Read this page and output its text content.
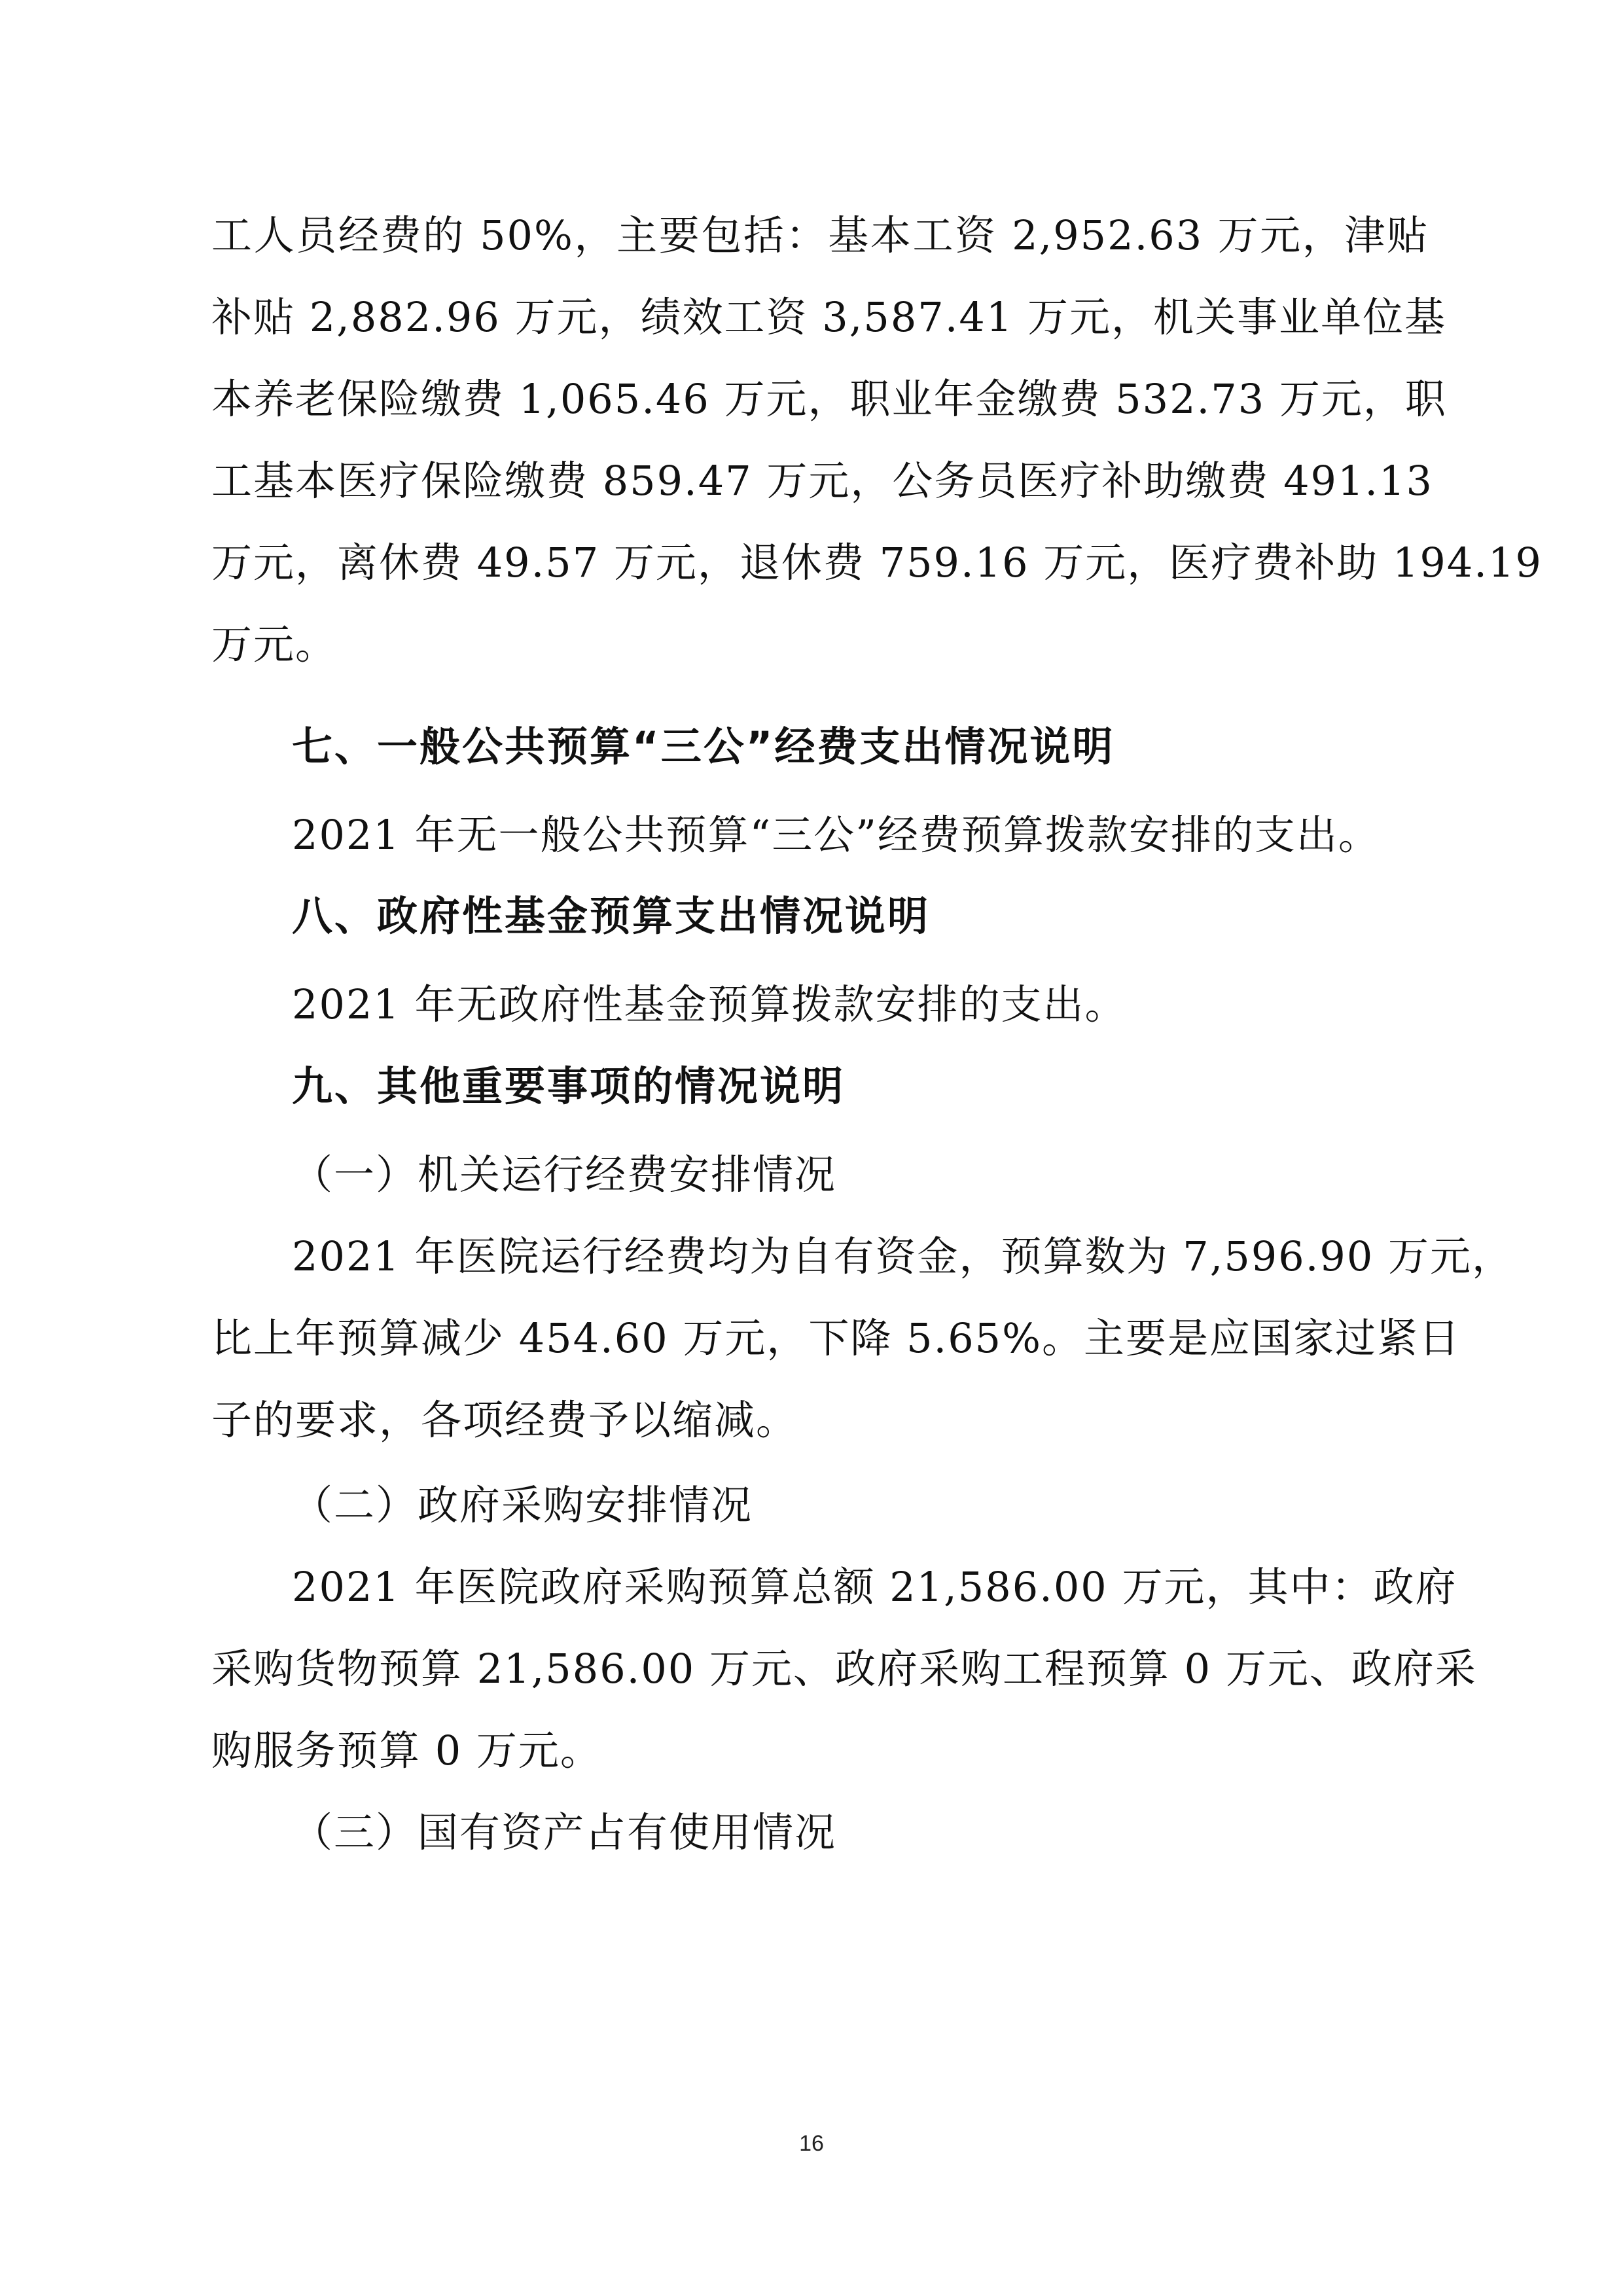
工人员经费的 50%，主要包括：基本工资 2,952.63 万元，津贴
补贴 2,882.96 万元，绩效工资 3,587.41 万元，机关事业单位基
本养老保险缴费 1,065.46 万元，职业年金缴费 532.73 万元，职
工基本医疗保险缴费 859.47 万元，公务员医疗补助缴费 491.13
万元，离休费 49.57 万元，退休费 759.16 万元，医疗费补助 194.19
万元。
七、一般公共预算“三公”经费支出情况说明
2021 年无一般公共预算“三公”经费预算拨款安排的支出。
八、政府性基金预算支出情况说明
2021 年无政府性基金预算拨款安排的支出。
九、其他重要事项的情况说明
（一）机关运行经费安排情况
2021 年医院运行经费均为自有资金，预算数为 7,596.90 万元，
比上年预算减少 454.60 万元，下降 5.65%。主要是应国家过紧日
子的要求，各项经费予以缩减。
（二）政府采购安排情况
2021 年医院政府采购预算总额 21,586.00 万元，其中：政府
采购货物预算 21,586.00 万元、政府采购工程预算 0 万元、政府采
购服务预算 0 万元。
（三）国有资产占有使用情况
16
